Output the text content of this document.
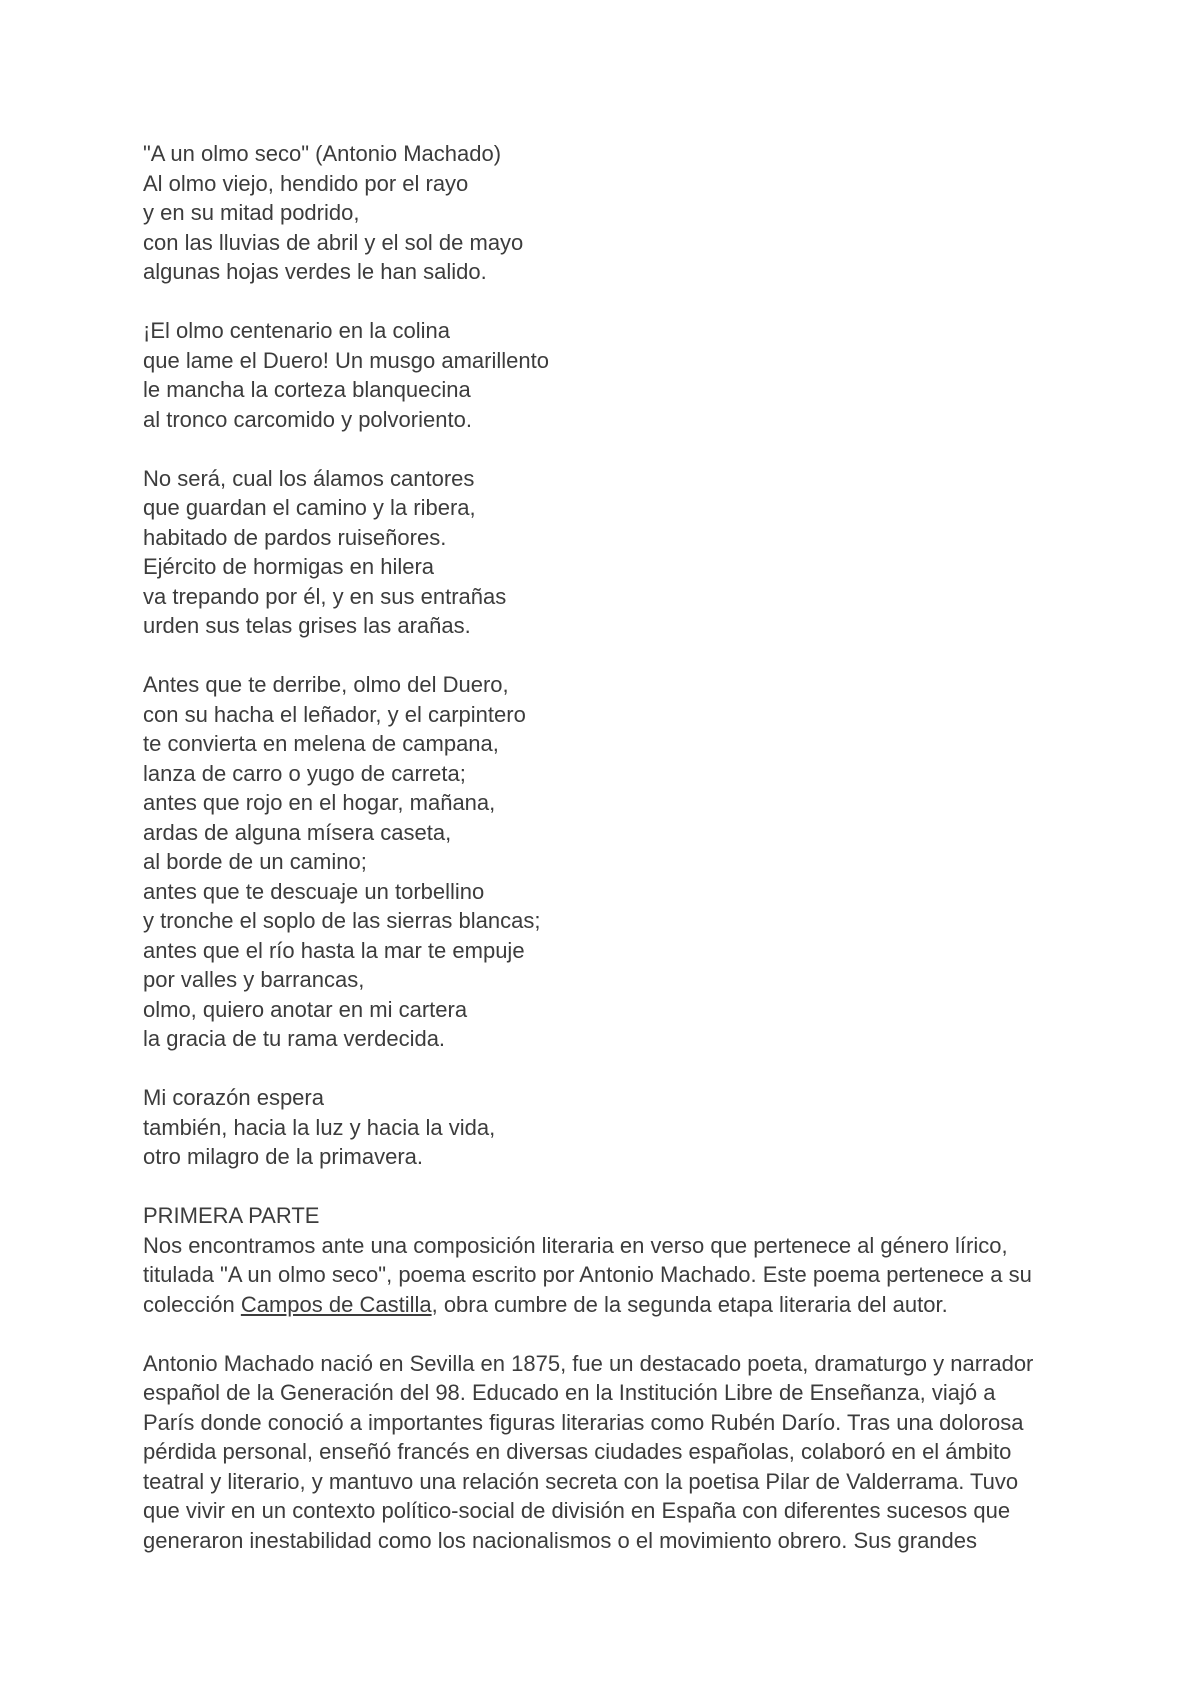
"A un olmo seco" (Antonio Machado)
Al olmo viejo, hendido por el rayo
y en su mitad podrido,
con las lluvias de abril y el sol de mayo
algunas hojas verdes le han salido.
¡El olmo centenario en la colina
que lame el Duero! Un musgo amarillento
le mancha la corteza blanquecina
al tronco carcomido y polvoriento.
No será, cual los álamos cantores
que guardan el camino y la ribera,
habitado de pardos ruiseñores.
Ejército de hormigas en hilera
va trepando por él, y en sus entrañas
urden sus telas grises las arañas.
Antes que te derribe, olmo del Duero,
con su hacha el leñador, y el carpintero
te convierta en melena de campana,
lanza de carro o yugo de carreta;
antes que rojo en el hogar, mañana,
ardas de alguna mísera caseta,
al borde de un camino;
antes que te descuaje un torbellino
y tronche el soplo de las sierras blancas;
antes que el río hasta la mar te empuje
por valles y barrancas,
olmo, quiero anotar en mi cartera
la gracia de tu rama verdecida.
Mi corazón espera
también, hacia la luz y hacia la vida,
otro milagro de la primavera.
PRIMERA PARTE
Nos encontramos ante una composición literaria en verso que pertenece al género lírico,
titulada "A un olmo seco", poema escrito por Antonio Machado. Este poema pertenece a su
colección Campos de Castilla, obra cumbre de la segunda etapa literaria del autor.
Antonio Machado nació en Sevilla en 1875, fue un destacado poeta, dramaturgo y narrador
español de la Generación del 98. Educado en la Institución Libre de Enseñanza, viajó a
París donde conoció a importantes figuras literarias como Rubén Darío. Tras una dolorosa
pérdida personal, enseñó francés en diversas ciudades españolas, colaboró en el ámbito
teatral y literario, y mantuvo una relación secreta con la poetisa Pilar de Valderrama. Tuvo
que vivir en un contexto político-social de división en España con diferentes sucesos que
generaron inestabilidad como los nacionalismos o el movimiento obrero. Sus grandes
